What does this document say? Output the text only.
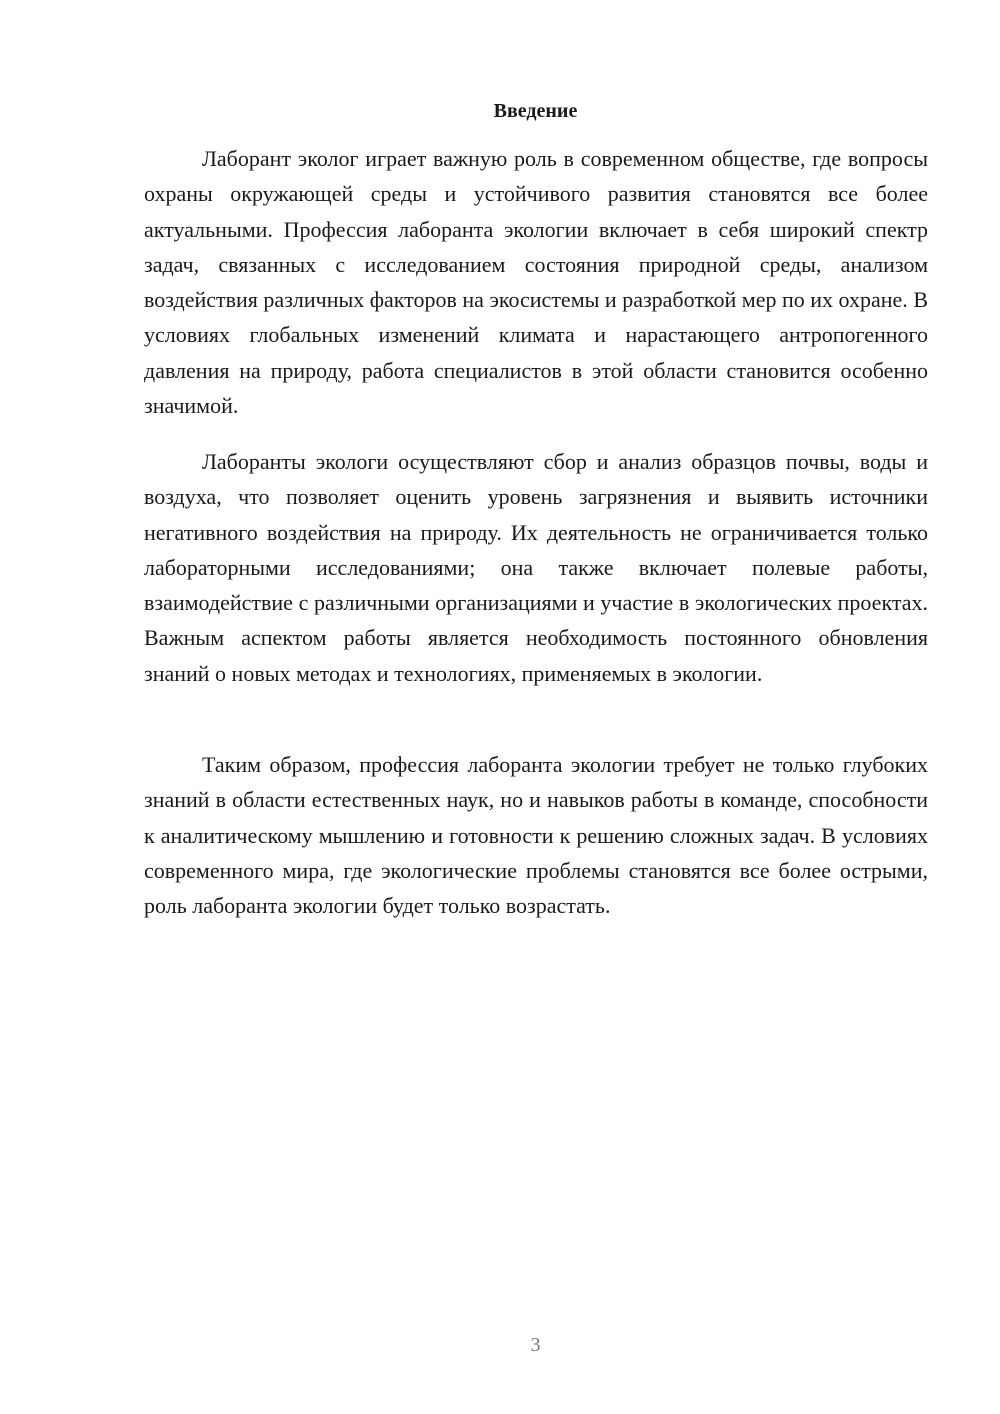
Введение

Лаборант эколог играет важную роль в современном обществе, где вопросы охраны окружающей среды и устойчивого развития становятся все более актуальными. Профессия лаборанта экологии включает в себя широкий спектр задач, связанных с исследованием состояния природной среды, анализом воздействия различных факторов на экосистемы и разработкой мер по их охране. В условиях глобальных изменений климата и нарастающего антропогенного давления на природу, работа специалистов в этой области становится особенно значимой.

Лаборанты экологи осуществляют сбор и анализ образцов почвы, воды и воздуха, что позволяет оценить уровень загрязнения и выявить источники негативного воздействия на природу. Их деятельность не ограничивается только лабораторными исследованиями; она также включает полевые работы, взаимодействие с различными организациями и участие в экологических проектах. Важным аспектом работы является необходимость постоянного обновления знаний о новых методах и технологиях, применяемых в экологии.

Таким образом, профессия лаборанта экологии требует не только глубоких знаний в области естественных наук, но и навыков работы в команде, способности к аналитическому мышлению и готовности к решению сложных задач. В условиях современного мира, где экологические проблемы становятся все более острыми, роль лаборанта экологии будет только возрастать.

3
